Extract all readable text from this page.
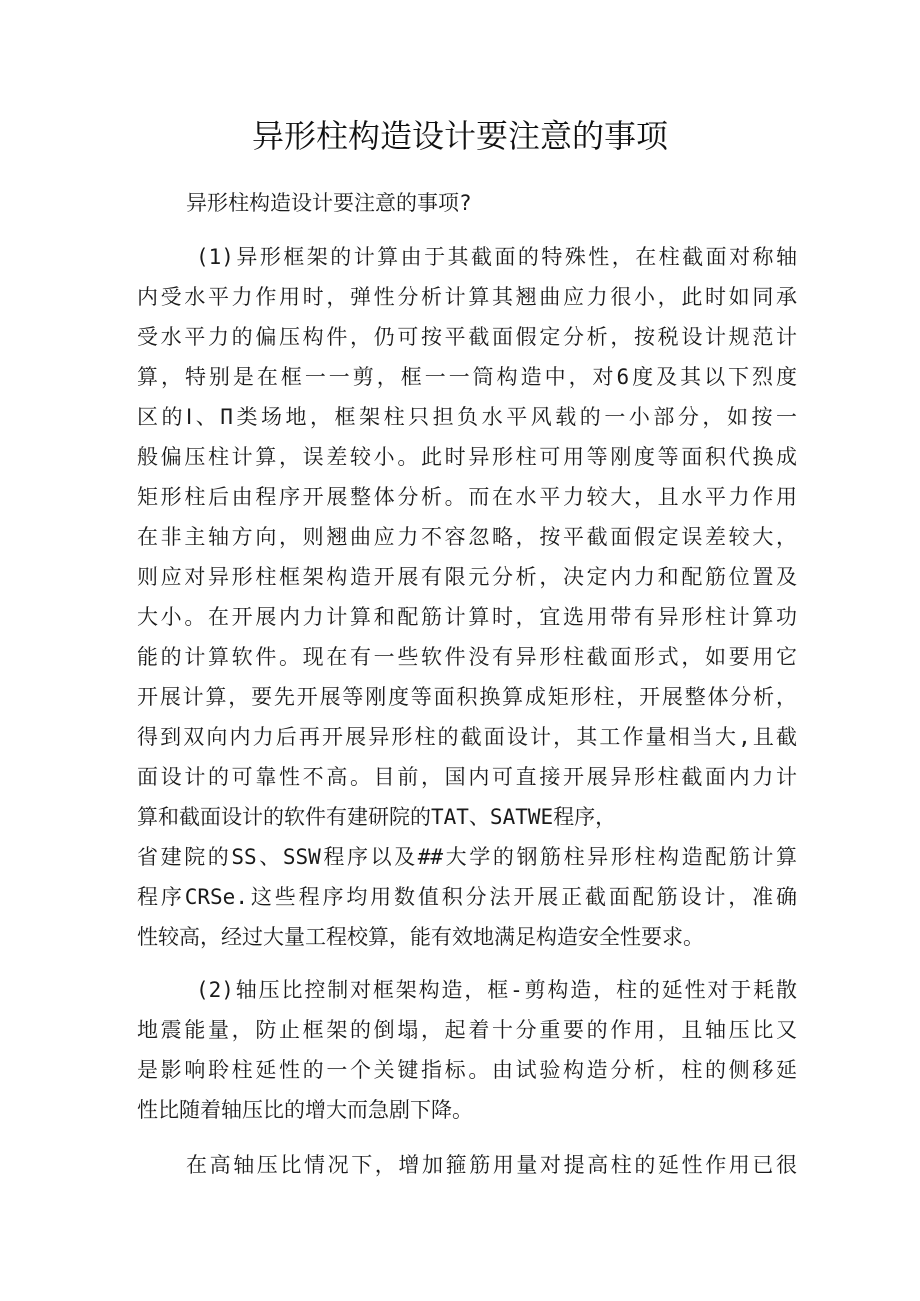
异形柱构造设计要注意的事项
异形柱构造设计要注意的事项?
(1)异形框架的计算由于其截面的特殊性，在柱截面对称轴
内受水平力作用时，弹性分析计算其翘曲应力很小，此时如同承
受水平力的偏压构件，仍可按平截面假定分析，按税设计规范计
算，特别是在框一一剪，框一一筒构造中，对6度及其以下烈度
区的Ⅰ、Π类场地，框架柱只担负水平风载的一小部分，如按一
般偏压柱计算，误差较小。此时异形柱可用等刚度等面积代换成
矩形柱后由程序开展整体分析。而在水平力较大，且水平力作用
在非主轴方向，则翘曲应力不容忽略，按平截面假定误差较大，
则应对异形柱框架构造开展有限元分析，决定内力和配筋位置及
大小。在开展内力计算和配筋计算时，宜选用带有异形柱计算功
能的计算软件。现在有一些软件没有异形柱截面形式，如要用它
开展计算，要先开展等刚度等面积换算成矩形柱，开展整体分析，
得到双向内力后再开展异形柱的截面设计，其工作量相当大,且截
面设计的可靠性不高。目前，国内可直接开展异形柱截面内力计
算和截面设计的软件有建研院的TAT、SATWE程序，
省建院的SS、SSW程序以及##大学的钢筋柱异形柱构造配筋计算
程序CRSe.这些程序均用数值积分法开展正截面配筋设计，准确
性较高，经过大量工程校算，能有效地满足构造安全性要求。
(2)轴压比控制对框架构造，框-剪构造，柱的延性对于耗散
地震能量，防止框架的倒塌，起着十分重要的作用，且轴压比又
是影响聆柱延性的一个关键指标。由试验构造分析，柱的侧移延
性比随着轴压比的增大而急剧下降。
在高轴压比情况下，增加箍筋用量对提高柱的延性作用已很
